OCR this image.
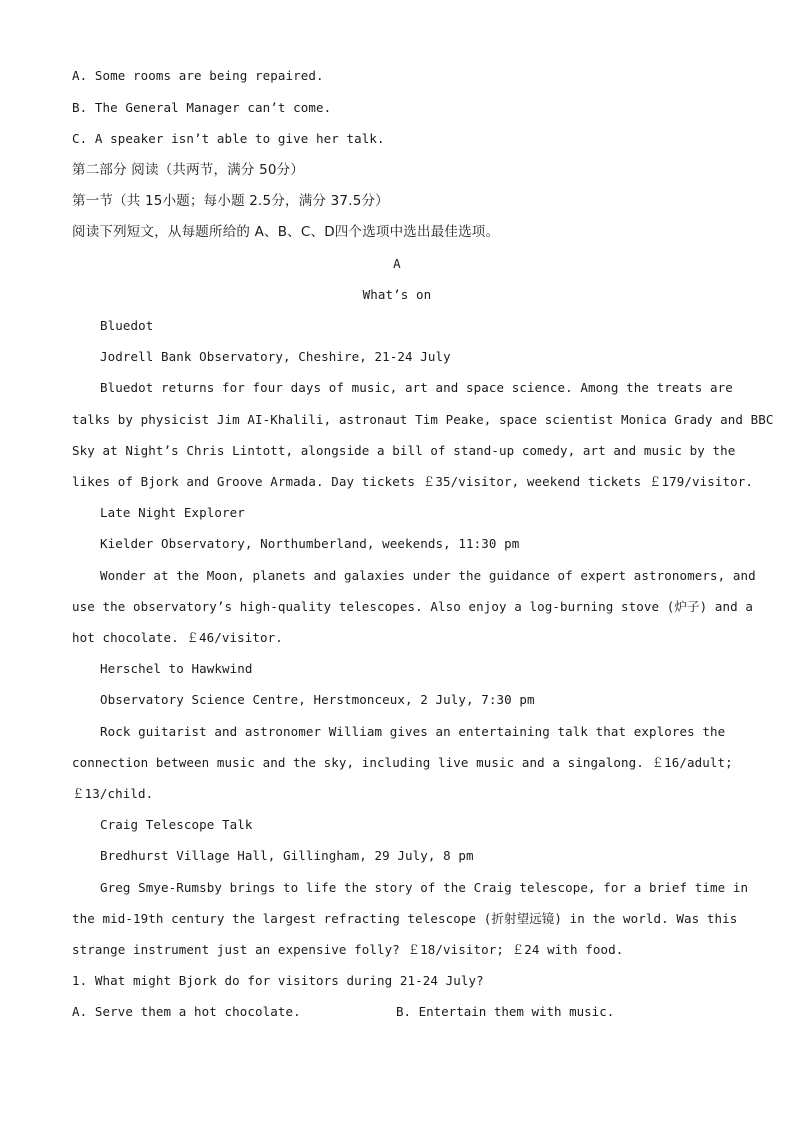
A. Some rooms are being repaired.
B. The General Manager can’t come.
C. A speaker isn’t able to give her talk.
第二部分 阅读（共两节，满分 50分）
第一节（共 15小题；每小题 2.5分，满分 37.5分）
阅读下列短文，从每题所给的 A、B、C、D四个选项中选出最佳选项。
A
What’s on
Bluedot
Jodrell Bank Observatory, Cheshire, 21-24 July
Bluedot returns for four days of music, art and space science. Among the treats are
talks by physicist Jim AI-Khalili, astronaut Tim Peake, space scientist Monica Grady and BBC
Sky at Night’s Chris Lintott, alongside a bill of stand-up comedy, art and music by the
likes of Bjork and Groove Armada. Day tickets ￡35/visitor, weekend tickets ￡179/visitor.
Late Night Explorer
Kielder Observatory, Northumberland, weekends, 11:30 pm
Wonder at the Moon, planets and galaxies under the guidance of expert astronomers, and
use the observatory’s high-quality telescopes. Also enjoy a log-burning stove (炉子) and a
hot chocolate. ￡46/visitor.
Herschel to Hawkwind
Observatory Science Centre, Herstmonceux, 2 July, 7:30 pm
Rock guitarist and astronomer William gives an entertaining talk that explores the
connection between music and the sky, including live music and a singalong. ￡16/adult;
￡13/child.
Craig Telescope Talk
Bredhurst Village Hall, Gillingham, 29 July, 8 pm
Greg Smye-Rumsby brings to life the story of the Craig telescope, for a brief time in
the mid-19th century the largest refracting telescope (折射望远镜) in the world. Was this
strange instrument just an expensive folly? ￡18/visitor; ￡24 with food.
1. What might Bjork do for visitors during 21-24 July?
A. Serve them a hot chocolate.	B. Entertain them with music.
